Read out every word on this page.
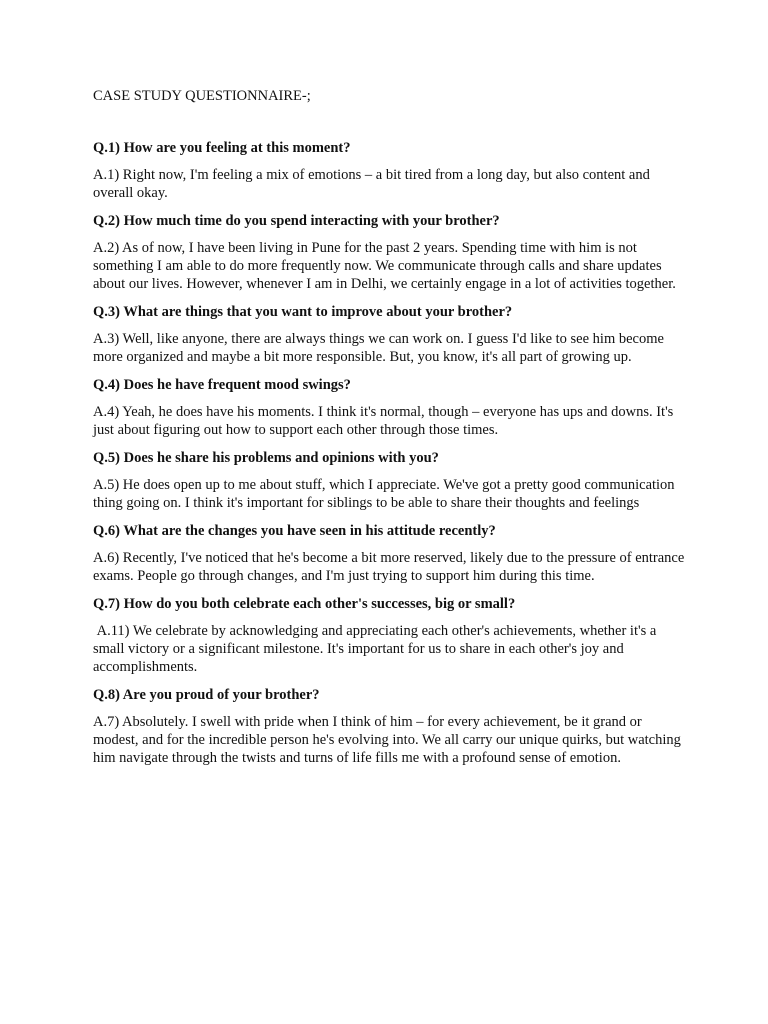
CASE STUDY QUESTIONNAIRE-;

Q.1) How are you feeling at this moment?

A.1) Right now, I'm feeling a mix of emotions – a bit tired from a long day, but also content and overall okay.

Q.2) How much time do you spend interacting with your brother?

A.2) As of now, I have been living in Pune for the past 2 years. Spending time with him is not something I am able to do more frequently now. We communicate through calls and share updates about our lives. However, whenever I am in Delhi, we certainly engage in a lot of activities together.

Q.3) What are things that you want to improve about your brother?

A.3) Well, like anyone, there are always things we can work on. I guess I'd like to see him become more organized and maybe a bit more responsible. But, you know, it's all part of growing up.

Q.4) Does he have frequent mood swings?

A.4) Yeah, he does have his moments. I think it's normal, though – everyone has ups and downs. It's just about figuring out how to support each other through those times.

Q.5) Does he share his problems and opinions with you?

A.5) He does open up to me about stuff, which I appreciate. We've got a pretty good communication thing going on. I think it's important for siblings to be able to share their thoughts and feelings

Q.6) What are the changes you have seen in his attitude recently?

A.6) Recently, I've noticed that he's become a bit more reserved, likely due to the pressure of entrance exams. People go through changes, and I'm just trying to support him during this time.

Q.7) How do you both celebrate each other's successes, big or small?

A.11) We celebrate by acknowledging and appreciating each other's achievements, whether it's a small victory or a significant milestone. It's important for us to share in each other's joy and accomplishments.

Q.8) Are you proud of your brother?

A.7) Absolutely. I swell with pride when I think of him – for every achievement, be it grand or modest, and for the incredible person he's evolving into. We all carry our unique quirks, but watching him navigate through the twists and turns of life fills me with a profound sense of emotion.
